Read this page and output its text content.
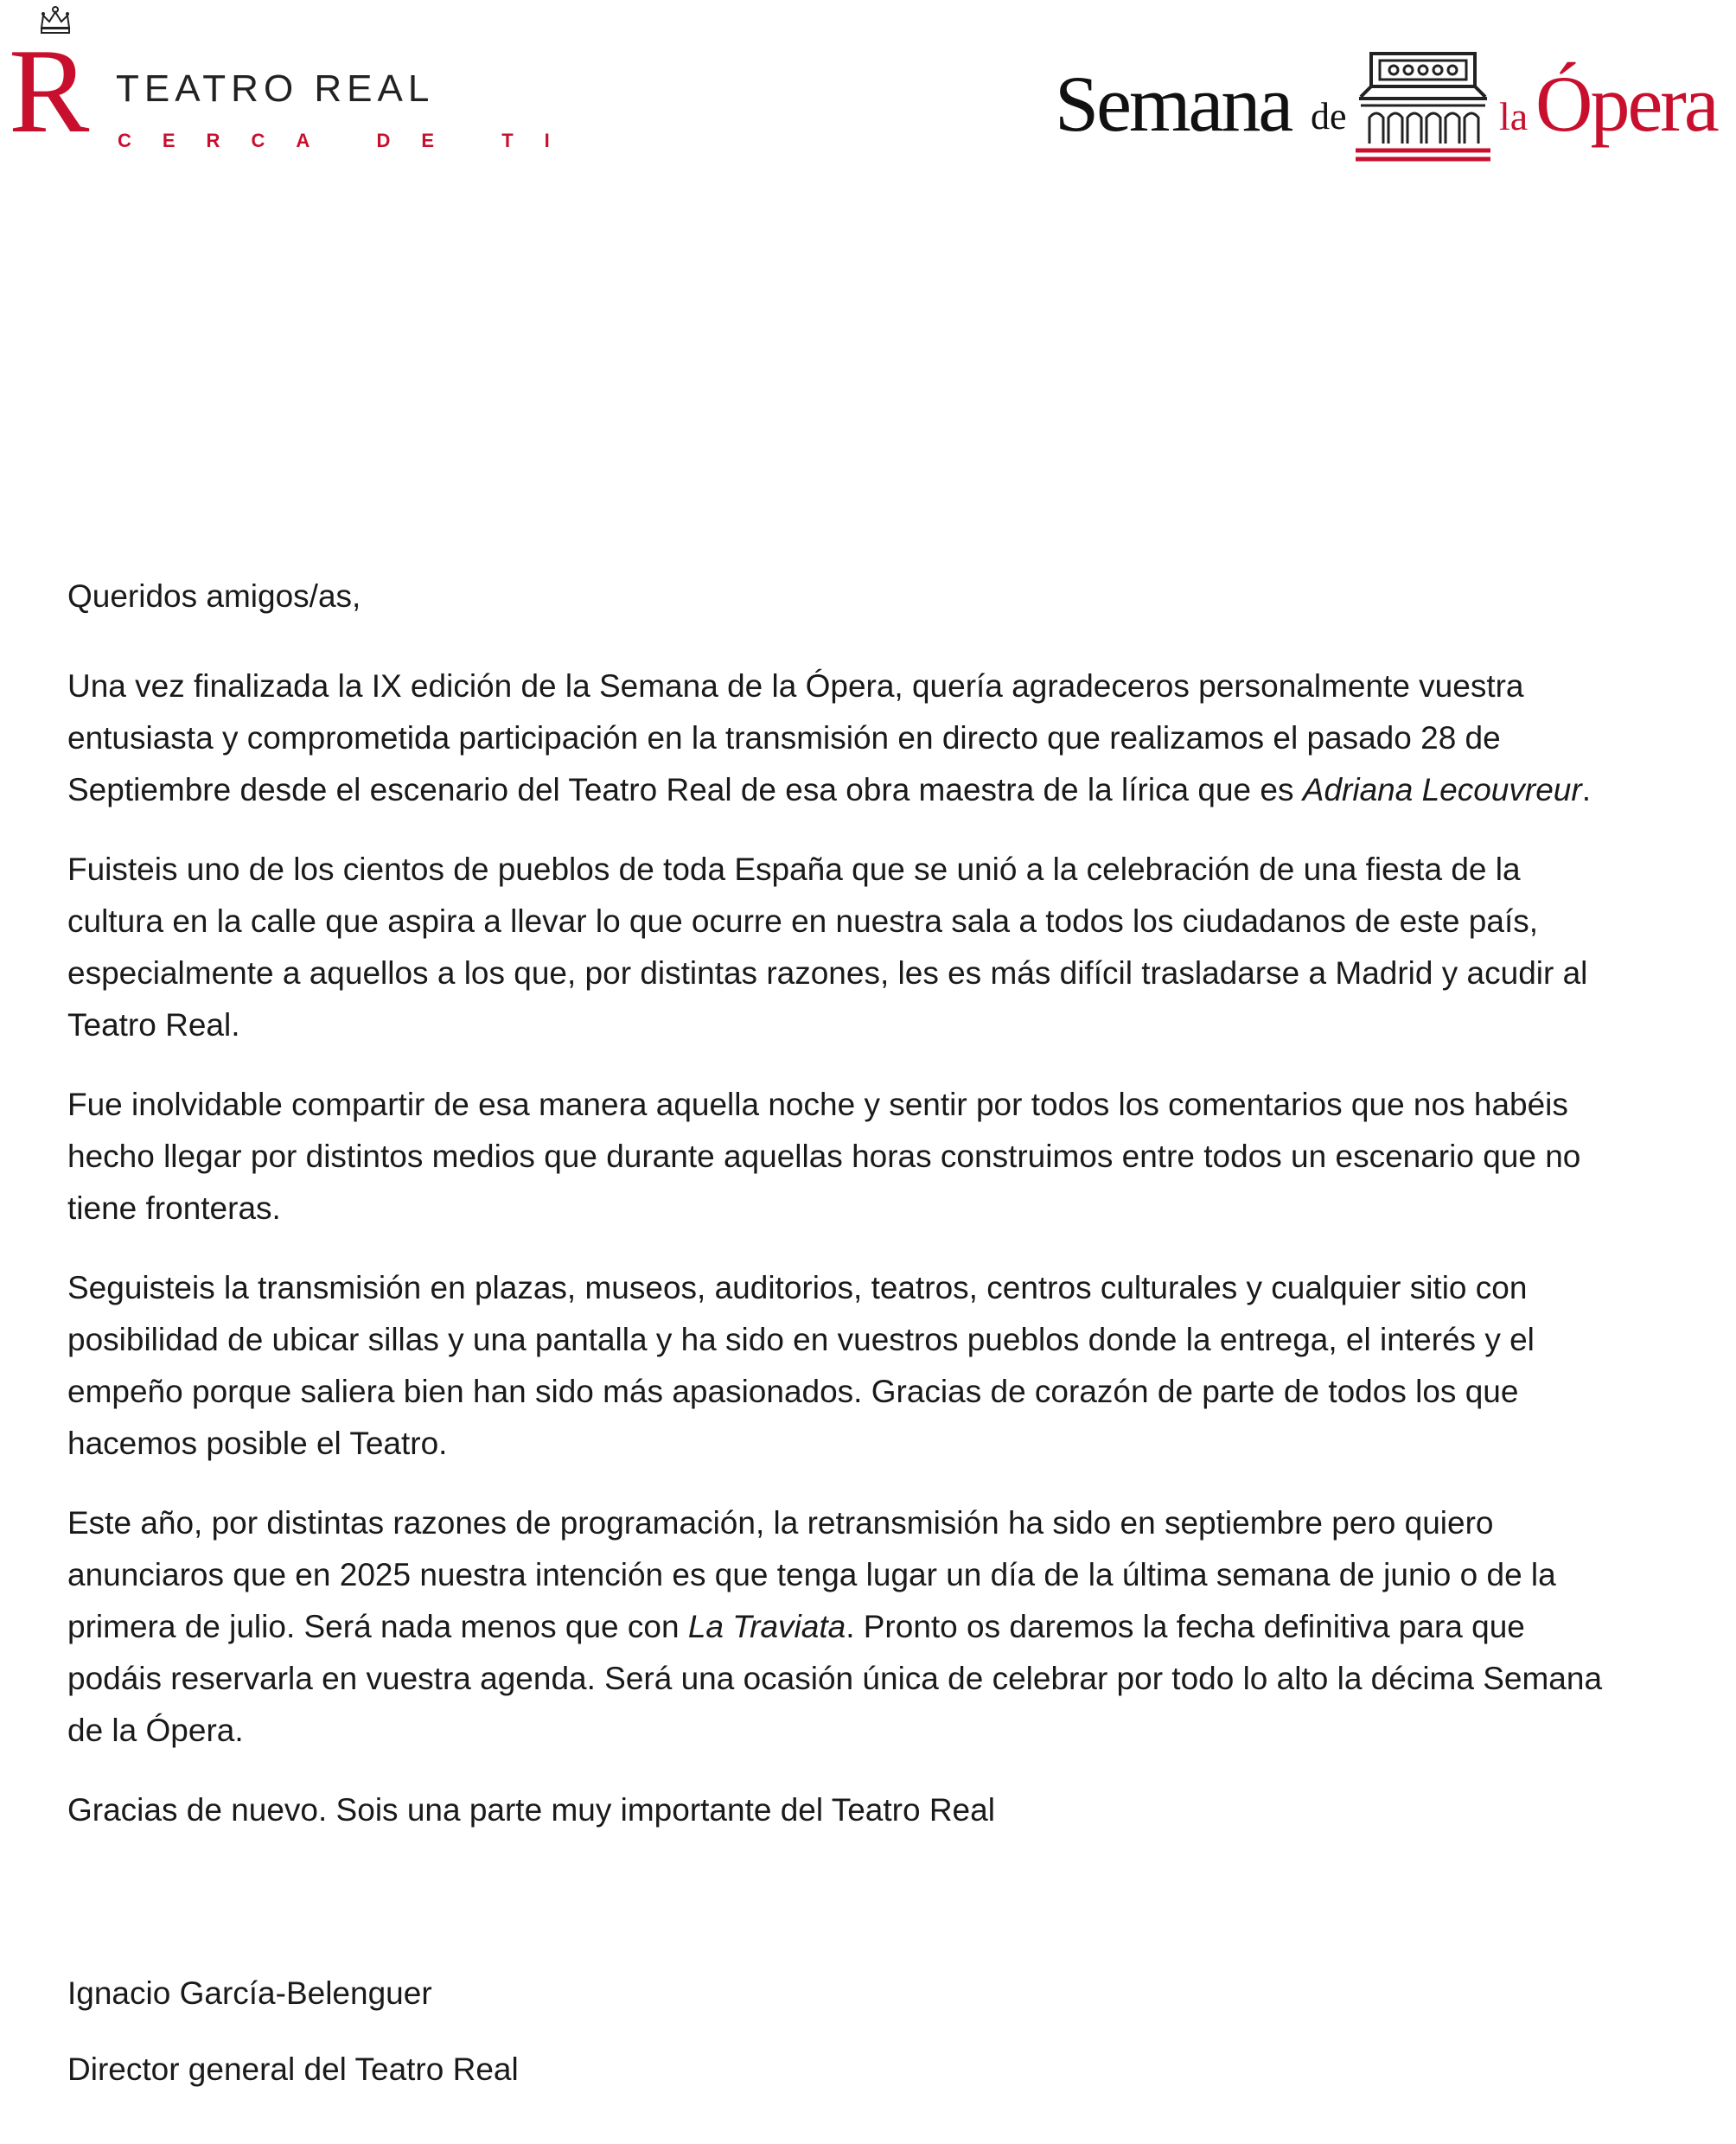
R TEATRO REAL
CERCA DE TI	Semana de	la Ópera

Queridos amigos/as,

Una vez finalizada la IX edición de la Semana de la Ópera, quería agradeceros personalmente vuestra entusiasta y comprometida participación en la transmisión en directo que realizamos el pasado 28 de Septiembre desde el escenario del Teatro Real de esa obra maestra de la lírica que es Adriana Lecouvreur.

Fuisteis uno de los cientos de pueblos de toda España que se unió a la celebración de una fiesta de la cultura en la calle que aspira a llevar lo que ocurre en nuestra sala a todos los ciudadanos de este país, especialmente a aquellos a los que, por distintas razones, les es más difícil trasladarse a Madrid y acudir al Teatro Real.

Fue inolvidable compartir de esa manera aquella noche y sentir por todos los comentarios que nos habéis hecho llegar por distintos medios que durante aquellas horas construimos entre todos un escenario que no tiene fronteras.

Seguisteis la transmisión en plazas, museos, auditorios, teatros, centros culturales y cualquier sitio con posibilidad de ubicar sillas y una pantalla y ha sido en vuestros pueblos donde la entrega, el interés y el empeño porque saliera bien han sido más apasionados. Gracias de corazón de parte de todos los que hacemos posible el Teatro.

Este año, por distintas razones de programación, la retransmisión ha sido en septiembre pero quiero anunciaros que en 2025 nuestra intención es que tenga lugar un día de la última semana de junio o de la primera de julio. Será nada menos que con La Traviata. Pronto os daremos la fecha definitiva para que podáis reservarla en vuestra agenda. Será una ocasión única de celebrar por todo lo alto la décima Semana de la Ópera.

Gracias de nuevo. Sois una parte muy importante del Teatro Real

Ignacio García-Belenguer

Director general del Teatro Real
